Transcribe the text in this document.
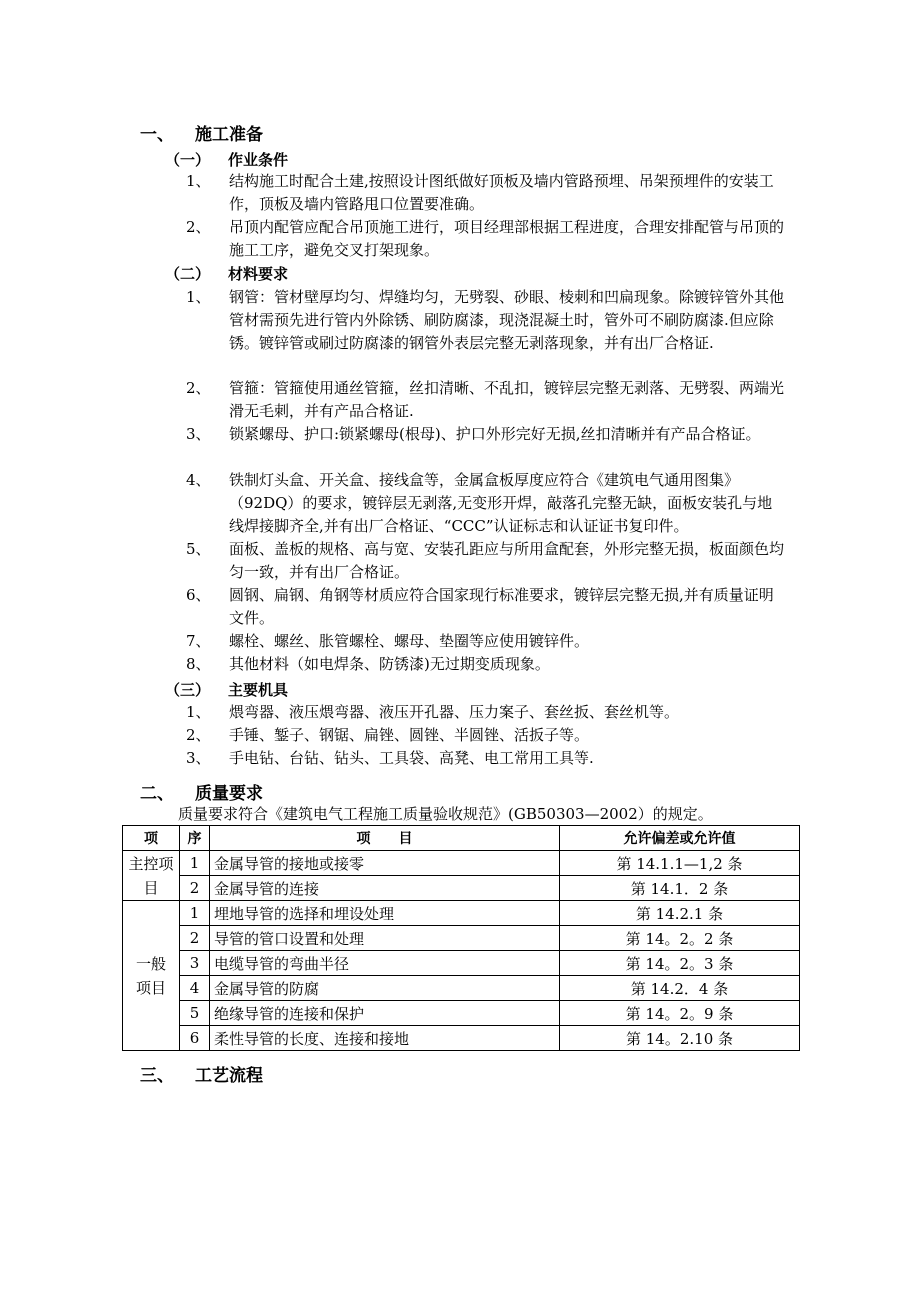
一、 施工准备
（一） 作业条件
1、 结构施工时配合土建,按照设计图纸做好顶板及墙内管路预埋、吊架预埋件的安装工作，顶板及墙内管路甩口位置要准确。
2、 吊顶内配管应配合吊顶施工进行，项目经理部根据工程进度，合理安排配管与吊顶的施工工序，避免交叉打架现象。
（二） 材料要求
1、 钢管：管材壁厚均匀、焊缝均匀，无劈裂、砂眼、棱刺和凹扁现象。除镀锌管外其他管材需预先进行管内外除锈、刷防腐漆，现浇混凝土时，管外可不刷防腐漆.但应除锈。镀锌管或刷过防腐漆的钢管外表层完整无剥落现象，并有出厂合格证.
2、 管箍：管箍使用通丝管箍，丝扣清晰、不乱扣，镀锌层完整无剥落、无劈裂、两端光滑无毛刺，并有产品合格证.
3、 锁紧螺母、护口:锁紧螺母(根母)、护口外形完好无损,丝扣清晰并有产品合格证。
4、 铁制灯头盒、开关盒、接线盒等，金属盒板厚度应符合《建筑电气通用图集》（92DQ）的要求，镀锌层无剥落,无变形开焊，敲落孔完整无缺，面板安装孔与地线焊接脚齐全,并有出厂合格证、“CCC”认证标志和认证证书复印件。
5、 面板、盖板的规格、高与宽、安装孔距应与所用盒配套，外形完整无损，板面颜色均匀一致，并有出厂合格证。
6、 圆钢、扁钢、角钢等材质应符合国家现行标准要求，镀锌层完整无损,并有质量证明文件。
7、 螺栓、螺丝、胀管螺栓、螺母、垫圈等应使用镀锌件。
8、 其他材料（如电焊条、防锈漆)无过期变质现象。
（三） 主要机具
1、 煨弯器、液压煨弯器、液压开孔器、压力案子、套丝扳、套丝机等。
2、 手锤、錾子、钢锯、扁锉、圆锉、半圆锉、活扳子等。
3、 手电钻、台钻、钻头、工具袋、高凳、电工常用工具等.
二、 质量要求
质量要求符合《建筑电气工程施工质量验收规范》(GB50303—2002）的规定。
项	序	项　　目	允许偏差或允许值
主控项目	1	金属导管的接地或接零	第 14.1.1—1,2 条
	2	金属导管的连接	第 14.1．2 条
一般项目	1	埋地导管的选择和埋设处理	第 14.2.1 条
	2	导管的管口设置和处理	第 14。2。2 条
	3	电缆导管的弯曲半径	第 14。2。3 条
	4	金属导管的防腐	第 14.2．4 条
	5	绝缘导管的连接和保护	第 14。2。9 条
	6	柔性导管的长度、连接和接地	第 14。2.10 条
三、 工艺流程
